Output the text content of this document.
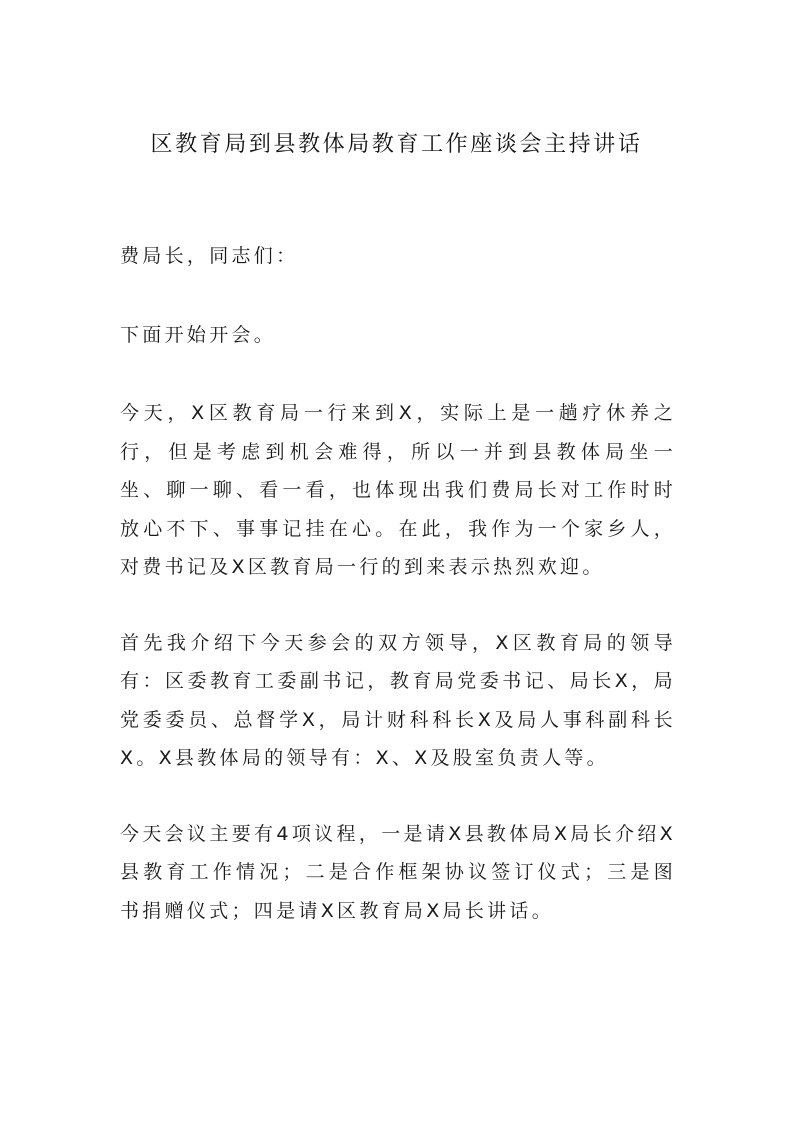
区教育局到县教体局教育工作座谈会主持讲话

费局长，同志们：

下面开始开会。

今天，X区教育局一行来到X，实际上是一趟疗休养之行，但是考虑到机会难得，所以一并到县教体局坐一坐、聊一聊、看一看，也体现出我们费局长对工作时时放心不下、事事记挂在心。在此，我作为一个家乡人，对费书记及X区教育局一行的到来表示热烈欢迎。

首先我介绍下今天参会的双方领导，X区教育局的领导有：区委教育工委副书记，教育局党委书记、局长X，局党委委员、总督学X，局计财科科长X及局人事科副科长X。X县教体局的领导有：X、X及股室负责人等。

今天会议主要有4项议程，一是请X县教体局X局长介绍X县教育工作情况；二是合作框架协议签订仪式；三是图书捐赠仪式；四是请X区教育局X局长讲话。
